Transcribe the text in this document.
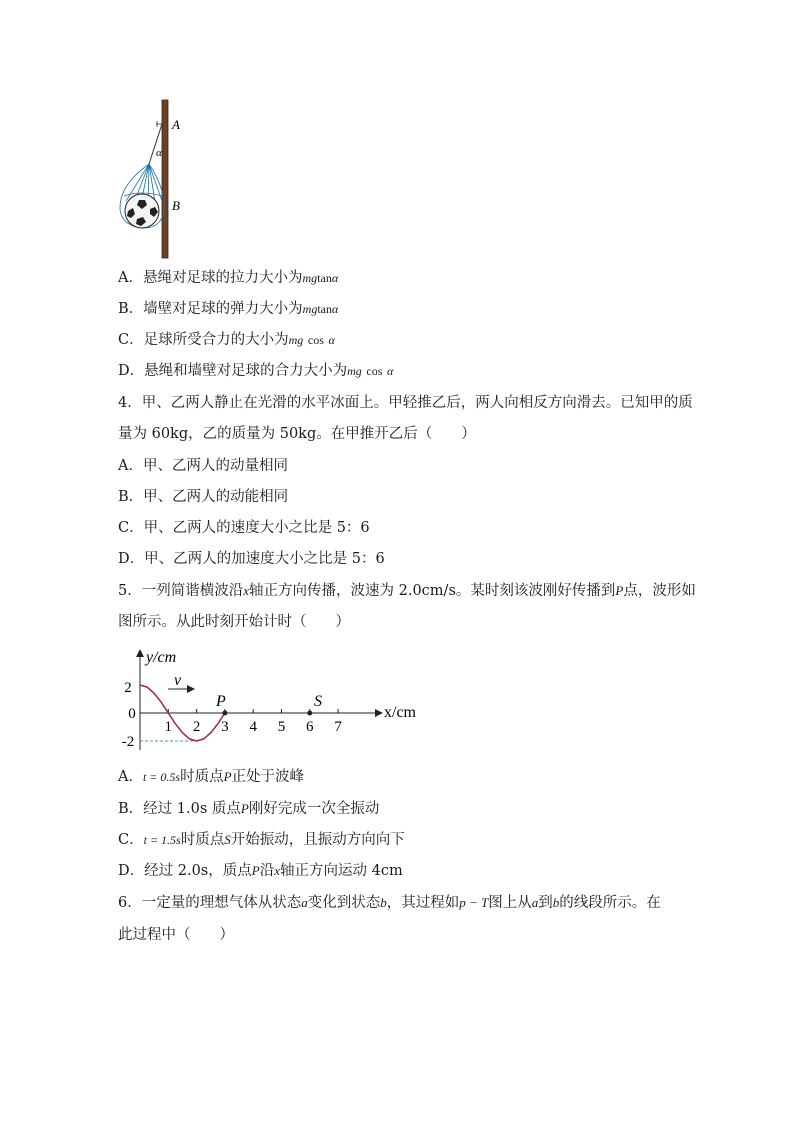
A
α
B
A．悬绳对足球的拉力大小为mgtanα
B．墙壁对足球的弹力大小为mgtanα
C．足球所受合力的大小为mg cos α
D．悬绳和墙壁对足球的合力大小为mg cos α
4．甲、乙两人静止在光滑的水平冰面上。甲轻推乙后，两人向相反方向滑去。已知甲的质
量为 60kg，乙的质量为 50kg。在甲推开乙后（　　）
A．甲、乙两人的动量相同
B．甲、乙两人的动能相同
C．甲、乙两人的速度大小之比是 5：6
D．甲、乙两人的加速度大小之比是 5：6
5．一列简谐横波沿x轴正方向传播，波速为 2.0cm/s。某时刻该波刚好传播到P点，波形如
图所示。从此时刻开始计时（　　）
y/cm
x/cm
2
0
-2
1 2 3 4 5 6 7
v
P	S
A．t = 0.5s时质点P正处于波峰
B．经过 1.0s 质点P刚好完成一次全振动
C．t = 1.5s时质点S开始振动，且振动方向向下
D．经过 2.0s，质点P沿x轴正方向运动 4cm
6．一定量的理想气体从状态a变化到状态b，其过程如p − T图上从a到b的线段所示。在
此过程中（　　）
